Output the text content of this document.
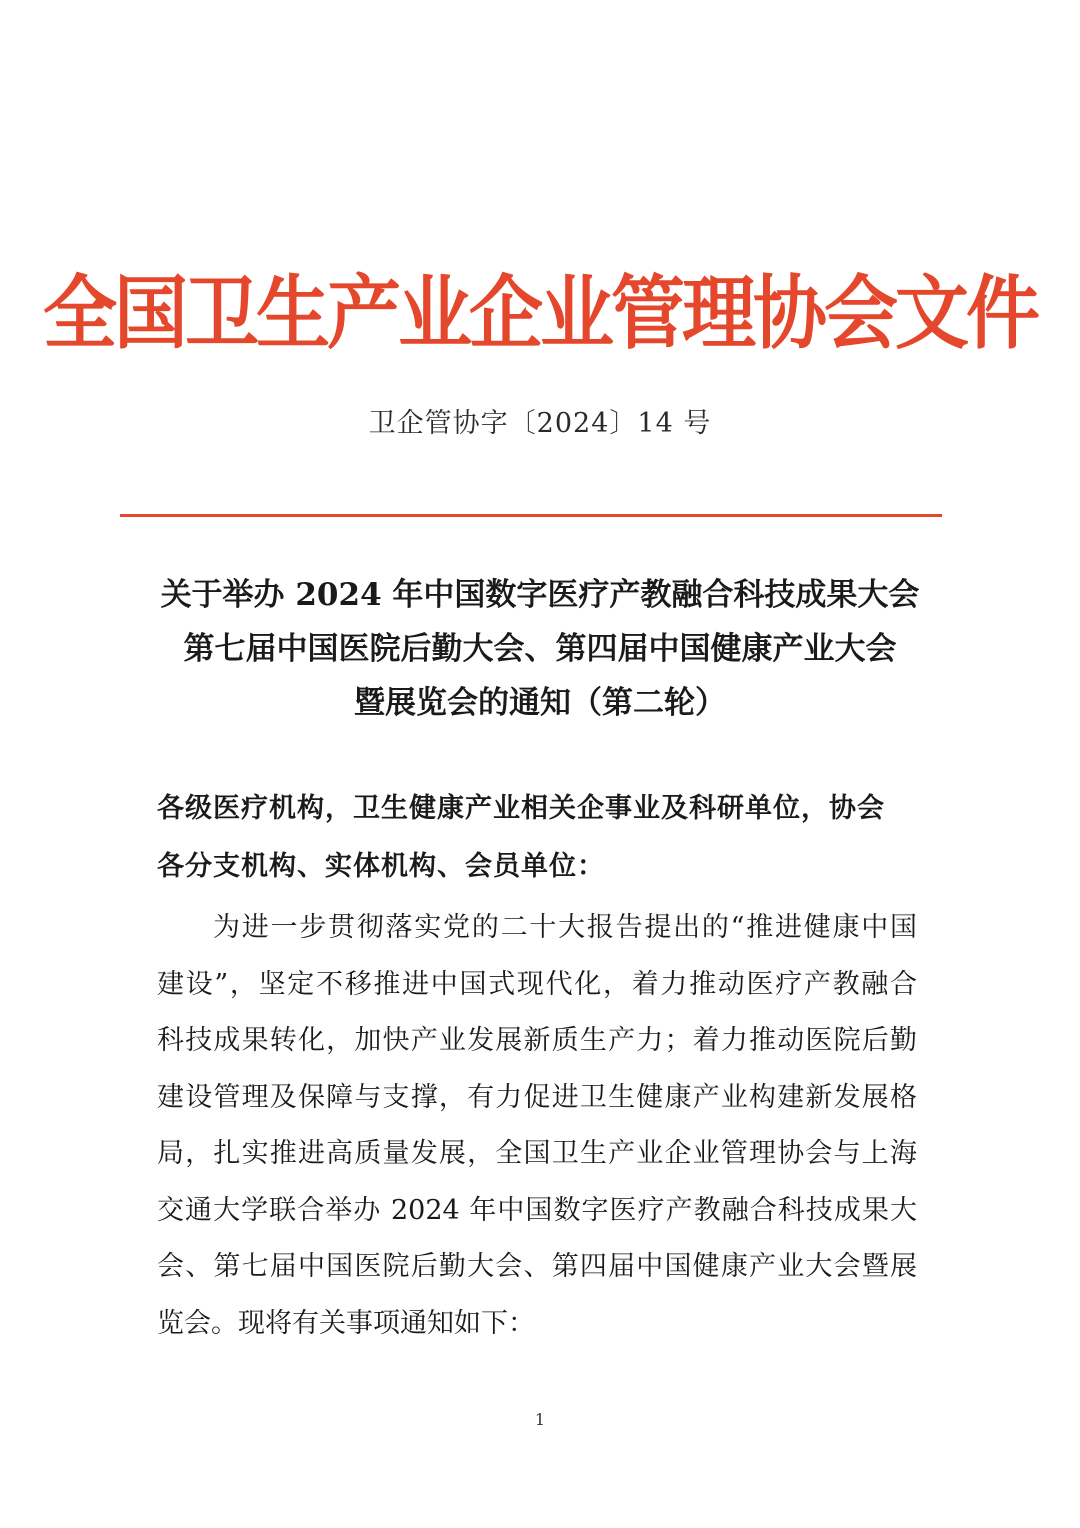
全国卫生产业企业管理协会文件
卫企管协字〔2024〕14 号
关于举办 2024 年中国数字医疗产教融合科技成果大会
第七届中国医院后勤大会、第四届中国健康产业大会
暨展览会的通知（第二轮）
各级医疗机构，卫生健康产业相关企事业及科研单位，协会
各分支机构、实体机构、会员单位：
为进一步贯彻落实党的二十大报告提出的“推进健康中国
建设”，坚定不移推进中国式现代化，着力推动医疗产教融合
科技成果转化，加快产业发展新质生产力；着力推动医院后勤
建设管理及保障与支撑，有力促进卫生健康产业构建新发展格
局，扎实推进高质量发展，全国卫生产业企业管理协会与上海
交通大学联合举办 2024 年中国数字医疗产教融合科技成果大
会、第七届中国医院后勤大会、第四届中国健康产业大会暨展
览会。现将有关事项通知如下：
1
